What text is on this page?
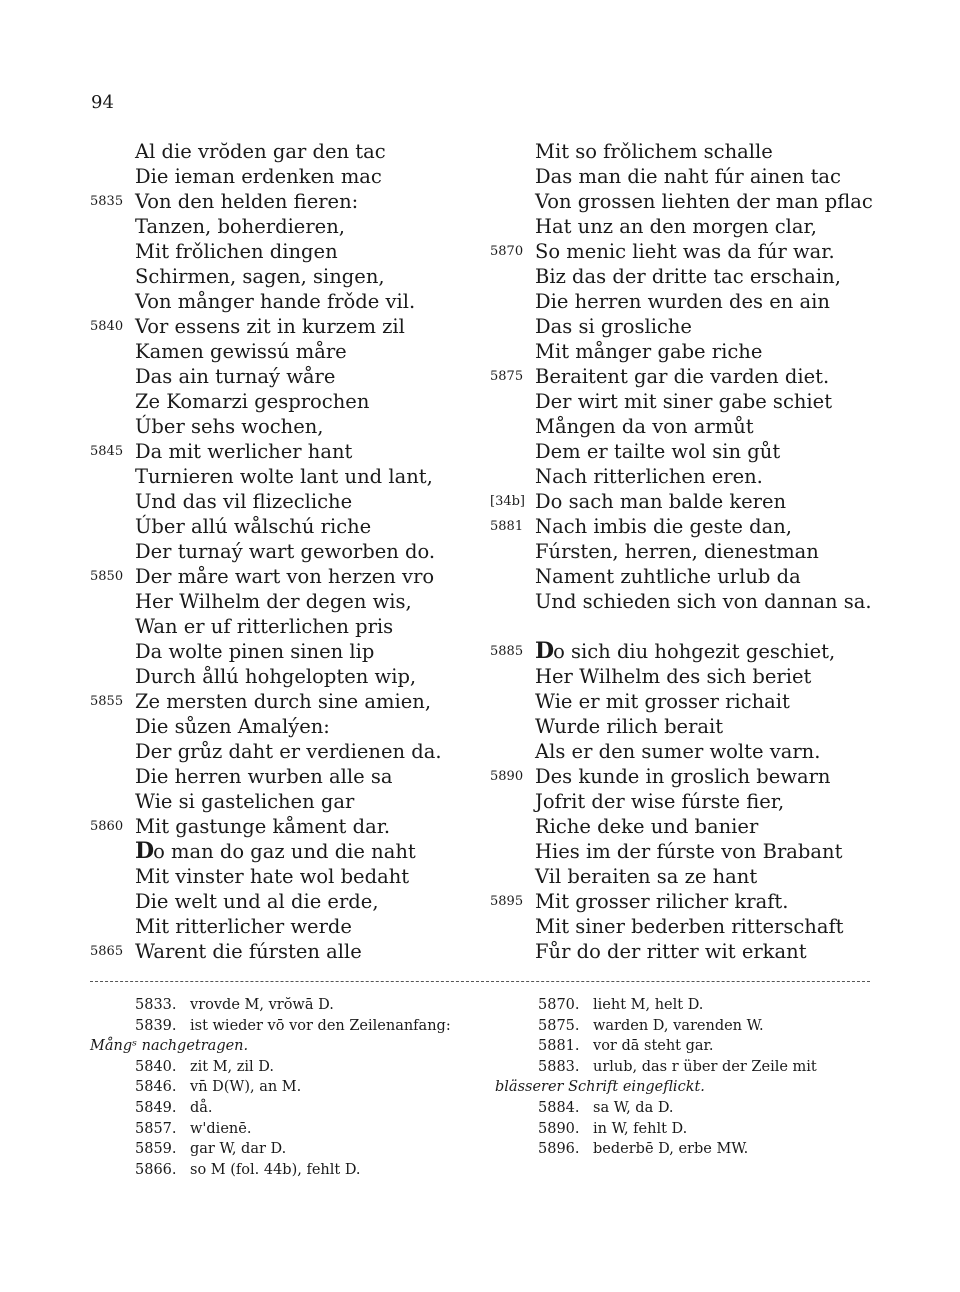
94
Al die vrŏden gar den tac
Die ieman erdenken mac
5835 Von den helden fieren:
Tanzen, boherdieren,
Mit frǒlichen dingen
Schirmen, sagen, singen,
Von månger hande frǒde vil.
5840 Vor essens zit in kurzem zil
Kamen gewissú måre
Das ain turnaý wåre
Ze Komarzi gesprochen
Úber sehs wochen,
5845 Da mit werlicher hant
Turnieren wolte lant und lant,
Und das vil flizecliche
Úber allú wålschú riche
Der turnaý wart geworben do.
5850 Der måre wart von herzen vro
Her Wilhelm der degen wis,
Wan er uf ritterlichen pris
Da wolte pinen sinen lip
Durch ållú hohgelopten wip,
5855 Ze mersten durch sine amien,
Die sůzen Amalýen:
Der grůz daht er verdienen da.
Die herren wurben alle sa
Wie si gastelichen gar
5860 Mit gastunge kåment dar.
Do man do gaz und die naht
Mit vinster hate wol bedaht
Die welt und al die erde,
Mit ritterlicher werde
5865 Warent die fúrsten alle
Mit so frǒlichem schalle
Das man die naht fúr ainen tac
Von grossen liehten der man pflac
Hat unz an den morgen clar,
5870 So menic lieht was da fúr war.
Biz das der dritte tac erschain,
Die herren wurden des en ain
Das si grosliche
Mit månger gabe riche
5875 Beraitent gar die varden diet.
Der wirt mit siner gabe schiet
Mången da von armůt
Dem er tailte wol sin gůt
Nach ritterlichen eren.
[34b] Do sach man balde keren
5881 Nach imbis die geste dan,
Fúrsten, herren, dienestman
Nament zuhtliche urlub da
Und schieden sich von dannan sa.
5885 Do sich diu hohgezit geschiet,
Her Wilhelm des sich beriet
Wie er mit grosser richait
Wurde rilich berait
Als er den sumer wolte varn.
5890 Des kunde in groslich bewarn
Jofrit der wise fúrste fier,
Riche deke und banier
Hies im der fúrste von Brabant
Vil beraiten sa ze hant
5895 Mit grosser rilicher kraft.
Mit siner bederben ritterschaft
Fůr do der ritter wit erkant
5833. vrovde M, vrŏwā D.
5839. ist wieder vō vor den Zeilenanfang:
Mångˢ nachgetragen.
5840. zit M, zil D.
5846. vn̄ D(W), an M.
5849. då.
5857. w'dienē.
5859. gar W, dar D.
5866. so M (fol. 44b), fehlt D.
5870. lieht M, helt D.
5875. warden D, varenden W.
5881. vor dā steht gar.
5883. urlub, das r über der Zeile mit
blässerer Schrift eingeflickt.
5884. sa W, da D.
5890. in W, fehlt D.
5896. bederbē D, erbe MW.
